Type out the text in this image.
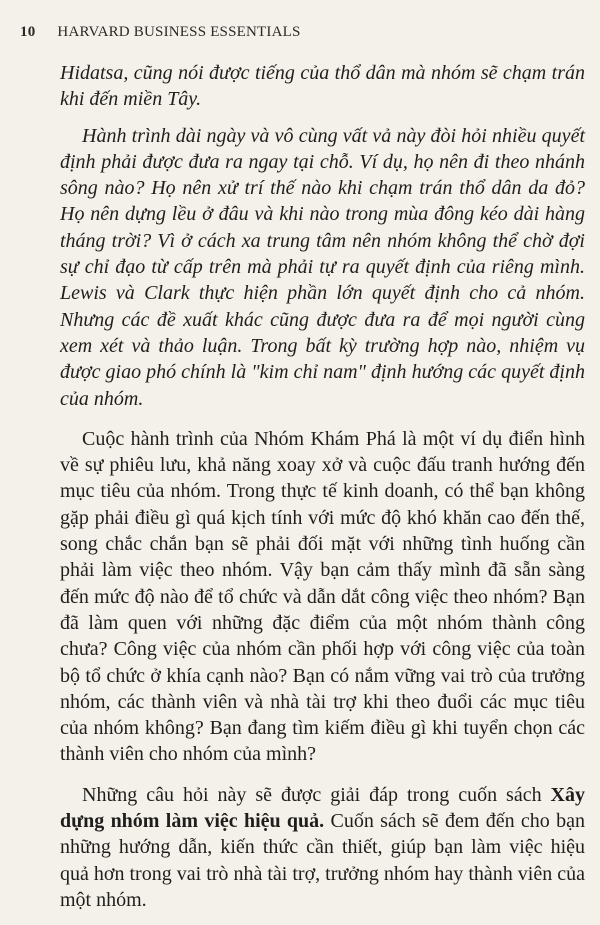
10 HARVARD BUSINESS ESSENTIALS

Hidatsa, cũng nói được tiếng của thổ dân mà nhóm sẽ chạm trán khi đến miền Tây.

Hành trình dài ngày và vô cùng vất vả này đòi hỏi nhiều quyết định phải được đưa ra ngay tại chỗ. Ví dụ, họ nên đi theo nhánh sông nào? Họ nên xử trí thế nào khi chạm trán thổ dân da đỏ? Họ nên dựng lều ở đâu và khi nào trong mùa đông kéo dài hàng tháng trời? Vì ở cách xa trung tâm nên nhóm không thể chờ đợi sự chỉ đạo từ cấp trên mà phải tự ra quyết định của riêng mình. Lewis và Clark thực hiện phần lớn quyết định cho cả nhóm. Nhưng các đề xuất khác cũng được đưa ra để mọi người cùng xem xét và thảo luận. Trong bất kỳ trường hợp nào, nhiệm vụ được giao phó chính là "kim chỉ nam" định hướng các quyết định của nhóm.

Cuộc hành trình của Nhóm Khám Phá là một ví dụ điển hình về sự phiêu lưu, khả năng xoay xở và cuộc đấu tranh hướng đến mục tiêu của nhóm. Trong thực tế kinh doanh, có thể bạn không gặp phải điều gì quá kịch tính với mức độ khó khăn cao đến thế, song chắc chắn bạn sẽ phải đối mặt với những tình huống cần phải làm việc theo nhóm. Vậy bạn cảm thấy mình đã sẵn sàng đến mức độ nào để tổ chức và dẫn dắt công việc theo nhóm? Bạn đã làm quen với những đặc điểm của một nhóm thành công chưa? Công việc của nhóm cần phối hợp với công việc của toàn bộ tổ chức ở khía cạnh nào? Bạn có nắm vững vai trò của trưởng nhóm, các thành viên và nhà tài trợ khi theo đuổi các mục tiêu của nhóm không? Bạn đang tìm kiếm điều gì khi tuyển chọn các thành viên cho nhóm của mình?

Những câu hỏi này sẽ được giải đáp trong cuốn sách Xây dựng nhóm làm việc hiệu quả. Cuốn sách sẽ đem đến cho bạn những hướng dẫn, kiến thức cần thiết, giúp bạn làm việc hiệu quả hơn trong vai trò nhà tài trợ, trưởng nhóm hay thành viên của một nhóm.
